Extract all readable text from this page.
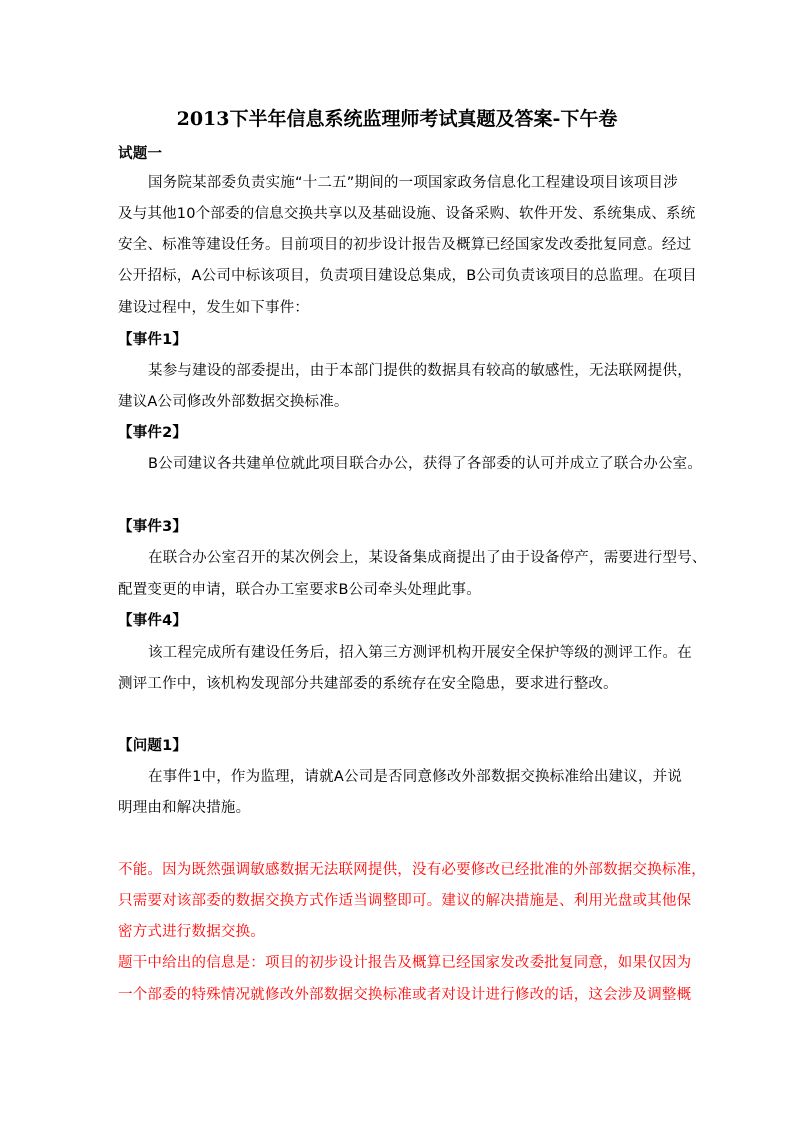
2013下半年信息系统监理师考试真题及答案-下午卷
试题一
国务院某部委负责实施“十二五”期间的一项国家政务信息化工程建设项目该项目涉
及与其他10个部委的信息交换共享以及基础设施、设备采购、软件开发、系统集成、系统
安全、标准等建设任务。目前项目的初步设计报告及概算已经国家发改委批复同意。经过
公开招标，A公司中标该项目，负责项目建设总集成，B公司负责该项目的总监理。在项目
建设过程中，发生如下事件：
【事件1】
某参与建设的部委提出，由于本部门提供的数据具有较高的敏感性，无法联网提供，
建议A公司修改外部数据交换标准。
【事件2】
B公司建议各共建单位就此项目联合办公，获得了各部委的认可并成立了联合办公室。
【事件3】
在联合办公室召开的某次例会上，某设备集成商提出了由于设备停产，需要进行型号、
配置变更的申请，联合办工室要求B公司牵头处理此事。
【事件4】
该工程完成所有建设任务后，招入第三方测评机构开展安全保护等级的测评工作。在
测评工作中，该机构发现部分共建部委的系统存在安全隐患，要求进行整改。
【问题1】
在事件1中，作为监理，请就A公司是否同意修改外部数据交换标准给出建议，并说
明理由和解决措施。
不能。因为既然强调敏感数据无法联网提供，没有必要修改已经批准的外部数据交换标准，
只需要对该部委的数据交换方式作适当调整即可。建议的解决措施是、利用光盘或其他保
密方式进行数据交换。
题干中给出的信息是：项目的初步设计报告及概算已经国家发改委批复同意，如果仅因为
一个部委的特殊情况就修改外部数据交换标准或者对设计进行修改的话，这会涉及调整概
